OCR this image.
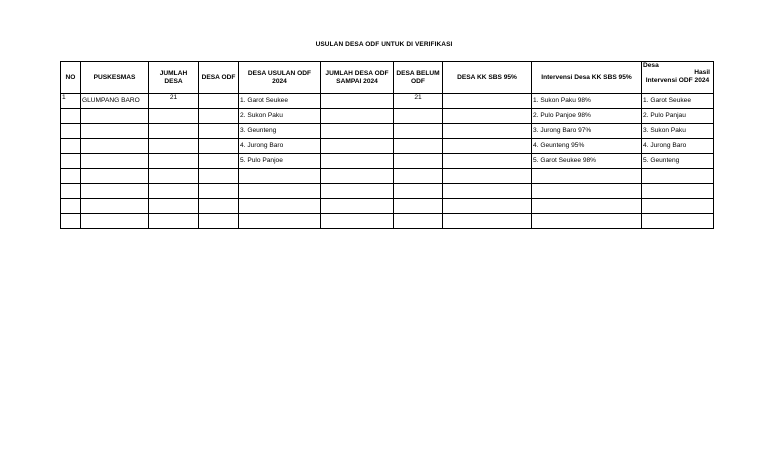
USULAN DESA ODF UNTUK DI VERIFIKASI
NO	PUSKESMAS	JUMLAH DESA	DESA ODF	DESA USULAN ODF 2024	JUMLAH DESA ODF SAMPAI 2024	DESA BELUM ODF	DESA KK SBS 95%	Intervensi Desa KK SBS 95%	Desa
Hasil
Intervensi ODF 2024

1	GLUMPANG BARO	21		1. Garot Seukee		21		1. Sukon Paku 98%	1. Garot Seukee
				2. Sukon Paku				2. Pulo Panjoe 98%	2. Pulo Panjau
				3. Geunteng				3. Jurong Baro 97%	3. Sukon Paku
				4. Jurong Baro				4. Geunteng 95%	4. Jurong Baro
				5. Pulo Panjoe				5. Garot Seukee 98%	5. Geunteng
